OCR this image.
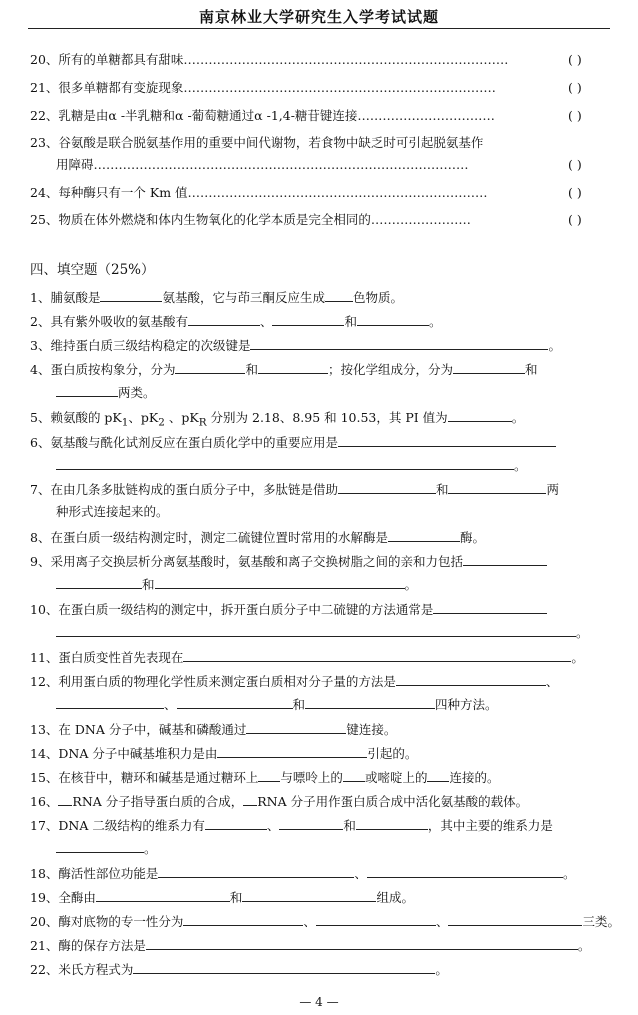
南京林业大学研究生入学考试试题
20、所有的单糖都具有甜味……………………………………………………………………	( )
21、很多单糖都有变旋现象…………………………………………………………………	( )
22、乳糖是由α -半乳糖和α -葡萄糖通过α -1,4-糖苷键连接……………………………	( )
23、谷氨酸是联合脱氨基作用的重要中间代谢物，若食物中缺乏时可引起脱氨基作
用障碍………………………………………………………………………………	( )
24、每种酶只有一个 Km 值………………………………………………………………	( )
25、物质在体外燃烧和体内生物氧化的化学本质是完全相同的……………………	( )
四、填空题（25%）
1、脯氨酸是	氨基酸，它与茚三酮反应生成 色物质。
2、具有紫外吸收的氨基酸有	、	和	。
3、维持蛋白质三级结构稳定的次级键是	。
4、蛋白质按构象分，分为	和	；按化学组成分，分为	和
两类。
5、赖氨酸的 $pK_1$、$pK_2$ 、$pK_R$ 分别为 2.18、8.95 和 10.53，其 PI 值为	。
6、氨基酸与酰化试剂反应在蛋白质化学中的重要应用是
。
7、在由几条多肽链构成的蛋白质分子中，多肽链是借助	和	两
种形式连接起来的。
8、在蛋白质一级结构测定时，测定二硫键位置时常用的水解酶是	酶。
9、采用离子交换层析分离氨基酸时，氨基酸和离子交换树脂之间的亲和力包括
和	。
10、在蛋白质一级结构的测定中，拆开蛋白质分子中二硫键的方法通常是
。
11、蛋白质变性首先表现在	。
12、利用蛋白质的物理化学性质来测定蛋白质相对分子量的方法是	、
、	和	四种方法。
13、在 DNA 分子中，碱基和磷酸通过	键连接。
14、DNA 分子中碱基堆积力是由	引起的。
15、在核苷中，糖环和碱基是通过糖环上 与嘌呤上的 或嘧啶上的 连接的。
16、 RNA 分子指导蛋白质的合成， RNA 分子用作蛋白质合成中活化氨基酸的载体。
17、DNA 二级结构的维系力有	、	和	，其中主要的维系力是
。
18、酶活性部位功能是	、	。
19、全酶由	和	组成。
20、酶对底物的专一性分为	、	、	三类。
21、酶的保存方法是	。
22、米氏方程式为	。
— 4 —
